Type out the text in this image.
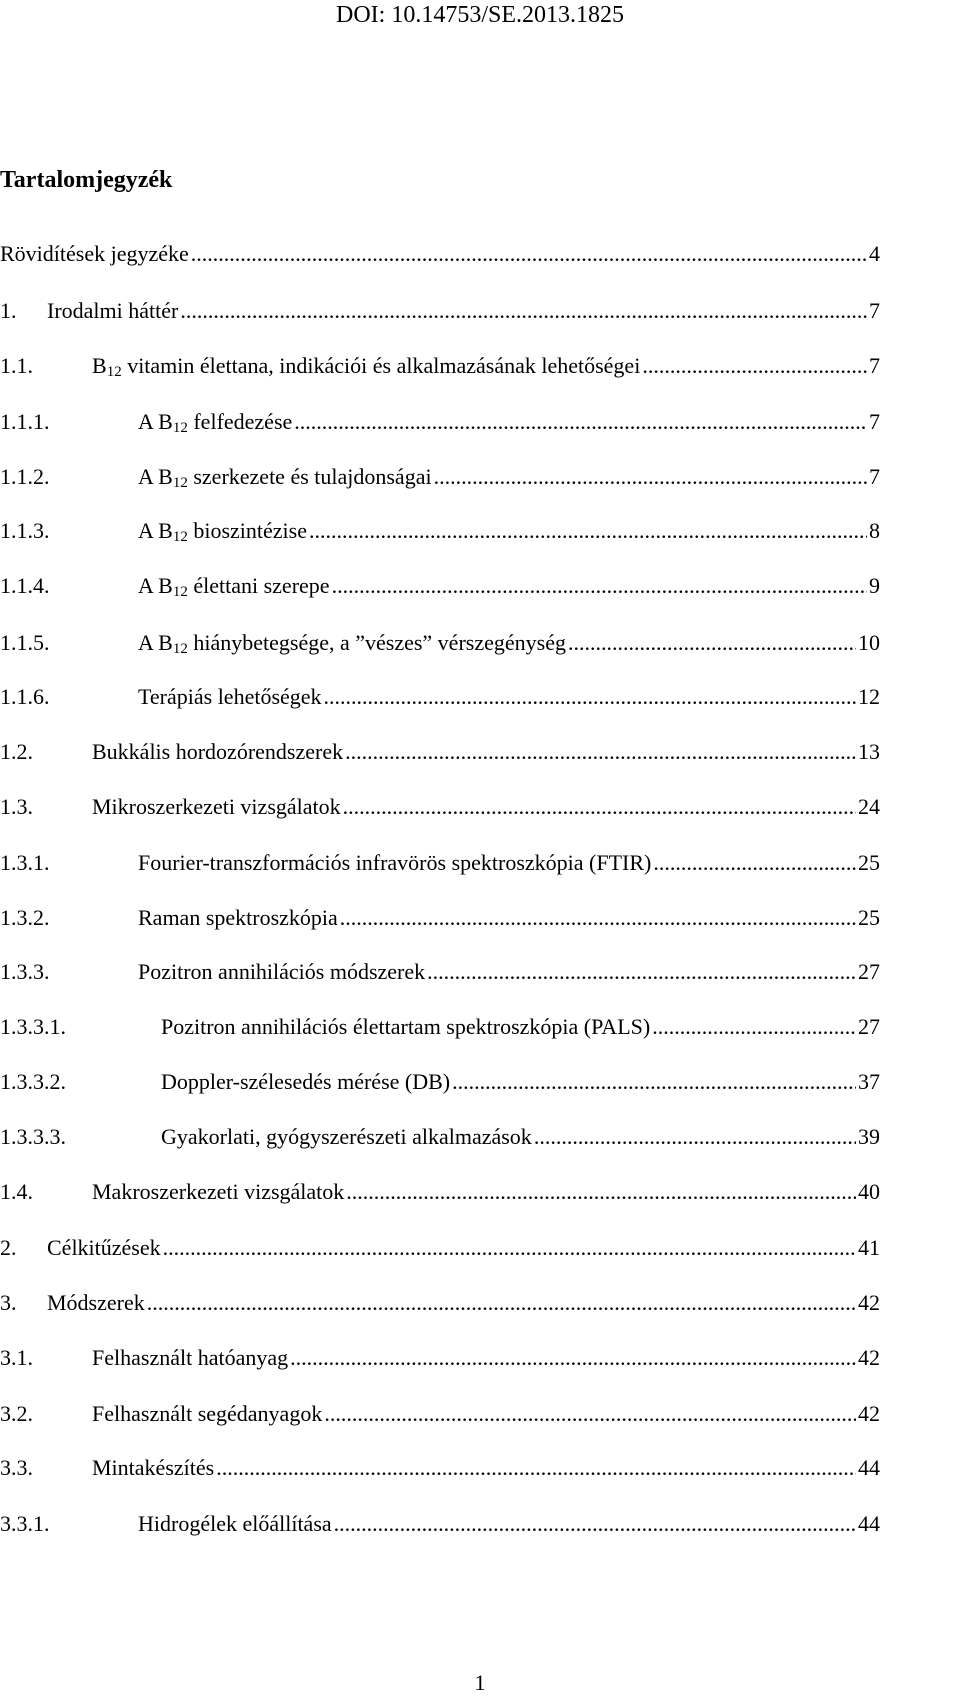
DOI: 10.14753/SE.2013.1825
Tartalomjegyzék
Rövidítések jegyzéke .....	4
1.	Irodalmi háttér .....	7
1.1.	$B_{12}$ vitamin élettana, indikációi és alkalmazásának lehetőségei .....	7
1.1.1.	A $B_{12}$ felfedezése .....	7
1.1.2.	A $B_{12}$ szerkezete és tulajdonságai .....	7
1.1.3.	A $B_{12}$ bioszintézise .....	8
1.1.4.	A $B_{12}$ élettani szerepe .....	9
1.1.5.	A $B_{12}$ hiánybetegsége, a ”vészes” vérszegénység .....	10
1.1.6.	Terápiás lehetőségek .....	12
1.2.	Bukkális hordozórendszerek .....	13
1.3.	Mikroszerkezeti vizsgálatok .....	24
1.3.1.	Fourier-transzformációs infravörös spektroszkópia (FTIR) .....	25
1.3.2.	Raman spektroszkópia .....	25
1.3.3.	Pozitron annihilációs módszerek .....	27
1.3.3.1.	Pozitron annihilációs élettartam spektroszkópia (PALS) .....	27
1.3.3.2.	Doppler-szélesedés mérése (DB) .....	37
1.3.3.3.	Gyakorlati, gyógyszerészeti alkalmazások .....	39
1.4.	Makroszerkezeti vizsgálatok .....	40
2.	Célkitűzések .....	41
3.	Módszerek .....	42
3.1.	Felhasznált hatóanyag .....	42
3.2.	Felhasznált segédanyagok .....	42
3.3.	Mintakészítés .....	44
3.3.1.	Hidrogélek előállítása .....	44
1
